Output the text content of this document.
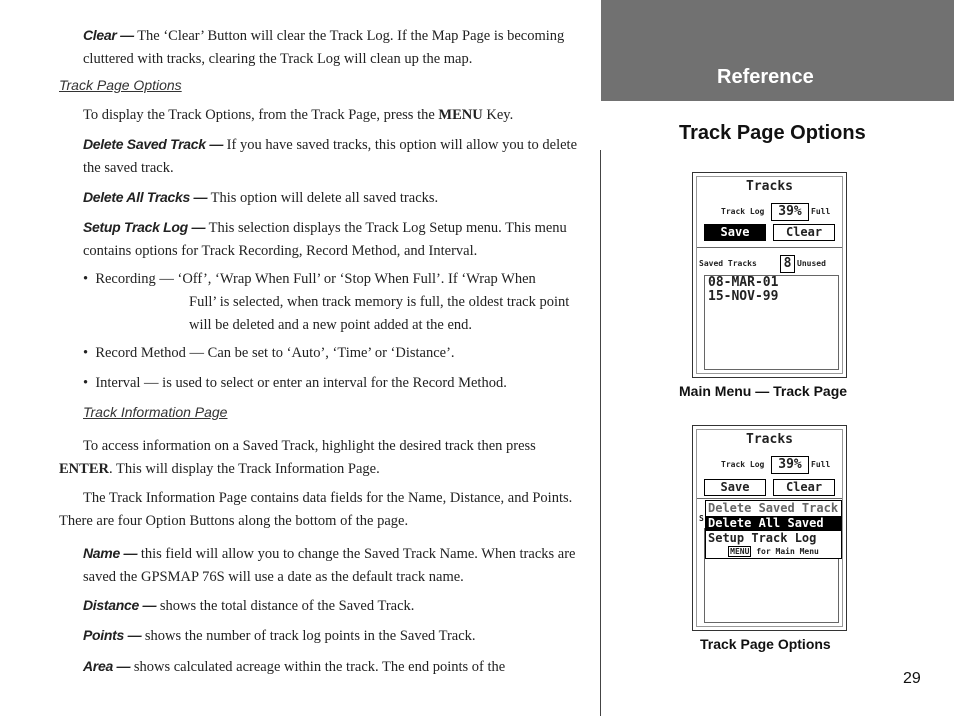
Clear — The ‘Clear’ Button will clear the Track Log. If the Map Page is becoming cluttered with tracks, clearing the Track Log will clean up the map.
Track Page Options
To display the Track Options, from the Track Page, press the MENU Key.
Delete Saved Track — If you have saved tracks, this option will allow you to delete the saved track.
Delete All Tracks — This option will delete all saved tracks.
Setup Track Log — This selection displays the Track Log Setup menu. This menu contains options for Track Recording, Record Method, and Interval.
•  Recording — ‘Off’, ‘Wrap When Full’ or ‘Stop When Full’. If ‘Wrap When
Full’ is selected, when track memory is full, the oldest track point will be deleted and a new point added at the end.
•  Record Method — Can be set to ‘Auto’, ‘Time’ or ‘Distance’.
•  Interval — is used to select or enter an interval for the Record Method.
Track Information Page
To access information on a Saved Track, highlight the desired track then press ENTER. This will display the Track Information Page.
The Track Information Page contains data fields for the Name, Distance, and Points. There are four Option Buttons along the bottom of the page.
Name — this field will allow you to change the Saved Track Name. When tracks are saved the GPSMAP 76S will use a date as the default track name.
Distance — shows the total distance of the Saved Track.
Points — shows the number of track log points in the Saved Track.
Area — shows calculated acreage within the track. The end points of the
Reference
Track Page Options
Tracks
Track Log	39%	Full
Save	Clear
Saved Tracks 8 Unused
08-MAR-01
15-NOV-99
Main Menu — Track Page
Tracks
Track Log	39%	Full
Save	Clear
S
Delete Saved Track
Delete All Saved
Setup Track Log
MENU for Main Menu
Track Page Options
29
